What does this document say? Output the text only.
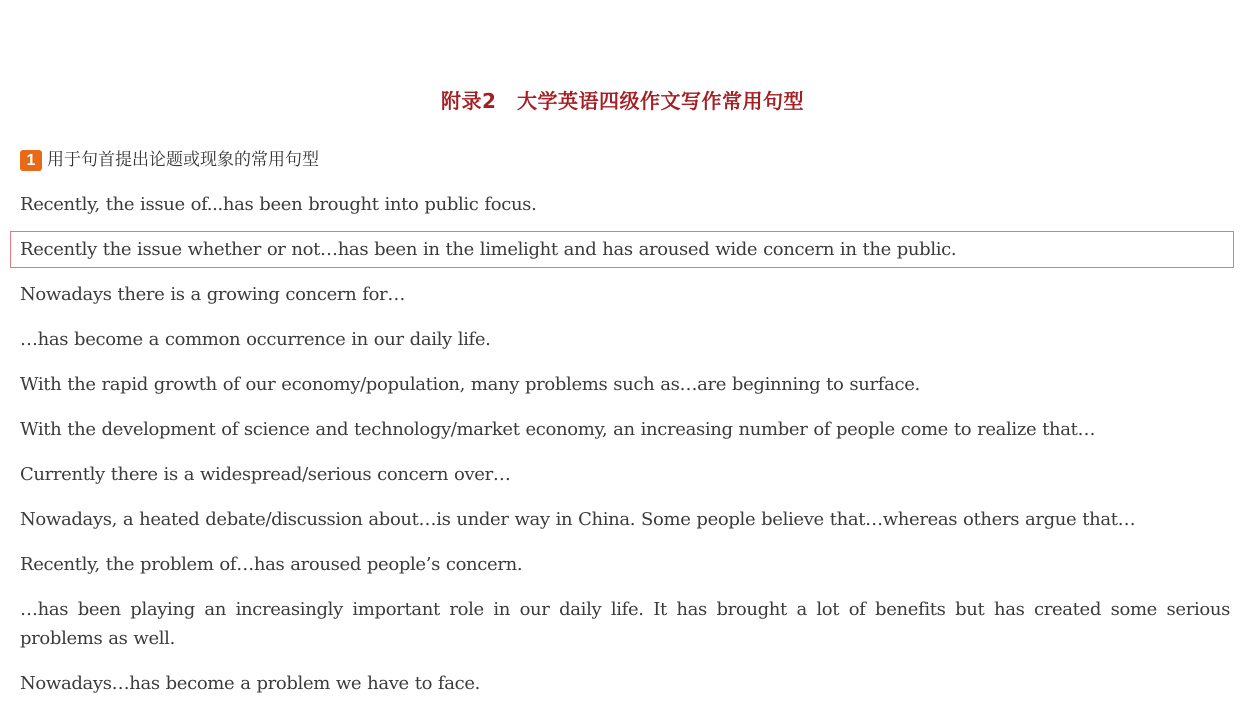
附录2　大学英语四级作文写作常用句型
1 用于句首提出论题或现象的常用句型
Recently, the issue of...has been brought into public focus.
Recently the issue whether or not…has been in the limelight and has aroused wide concern in the public.
Nowadays there is a growing concern for…
…has become a common occurrence in our daily life.
With the rapid growth of our economy/population, many problems such as…are beginning to surface.
With the development of science and technology/market economy, an increasing number of people come to realize that…
Currently there is a widespread/serious concern over…
Nowadays, a heated debate/discussion about…is under way in China. Some people believe that…whereas others argue that…
Recently, the problem of…has aroused people’s concern.
…has been playing an increasingly important role in our daily life. It has brought a lot of benefits but has created some serious problems as well.
Nowadays…has become a problem we have to face.
